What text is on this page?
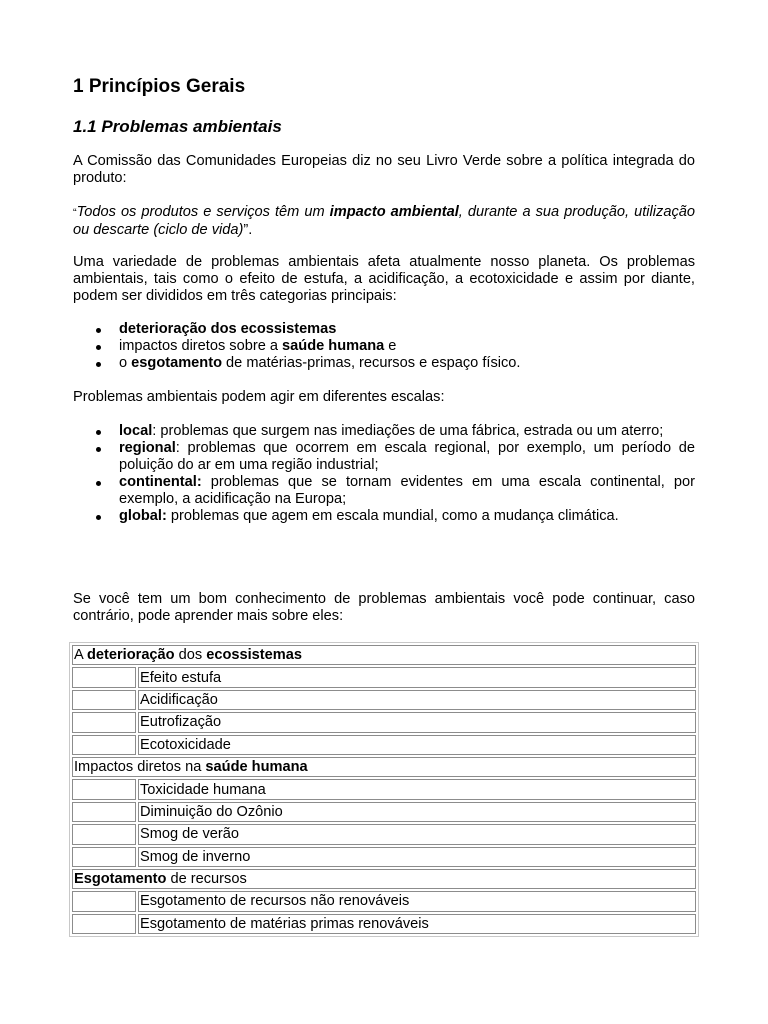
1 Princípios Gerais
1.1 Problemas ambientais

A Comissão das Comunidades Europeias diz no seu Livro Verde sobre a política integrada do produto:

“Todos os produtos e serviços têm um impacto ambiental, durante a sua produção, utilização ou descarte (ciclo de vida)”.

Uma variedade de problemas ambientais afeta atualmente nosso planeta. Os problemas ambientais, tais como o efeito de estufa, a acidificação, a ecotoxicidade e assim por diante, podem ser divididos em três categorias principais:

deterioração dos ecossistemas
impactos diretos sobre a saúde humana e
o esgotamento de matérias-primas, recursos e espaço físico.

Problemas ambientais podem agir em diferentes escalas:

local: problemas que surgem nas imediações de uma fábrica, estrada ou um aterro;
regional: problemas que ocorrem em escala regional, por exemplo, um período de poluição do ar em uma região industrial;
continental: problemas que se tornam evidentes em uma escala continental, por exemplo, a acidificação na Europa;
global: problemas que agem em escala mundial, como a mudança climática.

Se você tem um bom conhecimento de problemas ambientais você pode continuar, caso contrário, pode aprender mais sobre eles:

A deterioração dos ecossistemas	
	Efeito estufa
	Acidificação
	Eutrofização
	Ecotoxicidade
Impactos diretos na saúde humana	
	Toxicidade humana
	Diminuição do Ozônio
	Smog de verão
	Smog de inverno
Esgotamento de recursos	
	Esgotamento de recursos não renováveis
	Esgotamento de matérias primas renováveis
